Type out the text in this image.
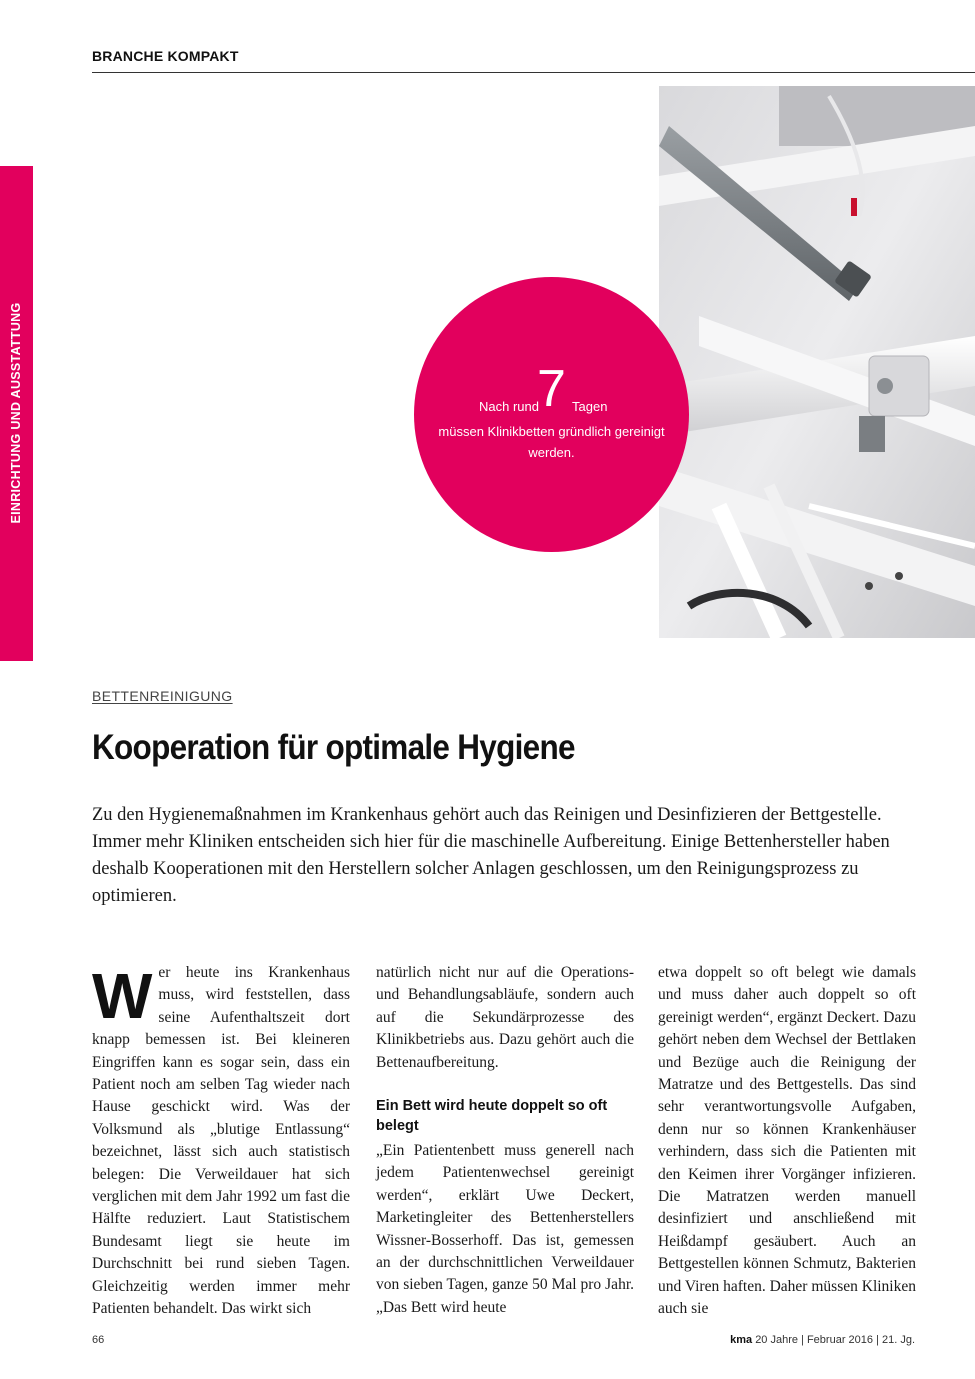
BRANCHE KOMPAKT
EINRICHTUNG UND AUSSTATTUNG	Nach rund
7 Tagen
müssen Klinikbetten gründlich gereinigt werden.
BETTENREINIGUNG
Kooperation für optimale Hygiene

Zu den Hygienemaßnahmen im Krankenhaus gehört auch das Reinigen und Desinfizieren der Bettgestelle. Immer mehr Kliniken entscheiden sich hier für die maschinelle Aufbereitung. Einige Bettenhersteller haben deshalb Kooperationen mit den Herstellern solcher Anlagen geschlossen, um den Reinigungsprozess zu optimieren.

W er heute ins Krankenhaus muss, wird feststellen, dass seine Aufenthaltszeit dort knapp bemessen ist. Bei kleineren Eingriffen kann es sogar sein, dass ein Patient noch am selben Tag wieder nach Hause geschickt wird. Was der Volksmund als „blutige Entlassung“ bezeichnet, lässt sich auch statistisch belegen: Die Verweildauer hat sich verglichen mit dem Jahr 1992 um fast die Hälfte reduziert. Laut Statistischem Bundesamt liegt sie heute im Durchschnitt bei rund sieben Tagen. Gleichzeitig werden immer mehr Patienten behandelt. Das wirkt sich

natürlich nicht nur auf die Operations- und Behandlungsabläufe, sondern auch auf die Sekundärprozesse des Klinikbetriebs aus. Dazu gehört auch die Bettenaufbereitung.

Ein Bett wird heute doppelt so oft belegt

„Ein Patientenbett muss generell nach jedem Patientenwechsel gereinigt werden“, erklärt Uwe Deckert, Marketingleiter des Bettenherstellers Wissner-Bosserhoff. Das ist, gemessen an der durchschnittlichen Verweildauer von sieben Tagen, ganze 50 Mal pro Jahr. „Das Bett wird heute

etwa doppelt so oft belegt wie damals und muss daher auch doppelt so oft gereinigt werden“, ergänzt Deckert. Dazu gehört neben dem Wechsel der Bettlaken und Bezüge auch die Reinigung der Matratze und des Bettgestells. Das sind sehr verantwortungsvolle Aufgaben, denn nur so können Krankenhäuser verhindern, dass sich die Patienten mit den Keimen ihrer Vorgänger infizieren. Die Matratzen werden manuell desinfiziert und anschließend mit Heißdampf gesäubert. Auch an Bettgestellen können Schmutz, Bakterien und Viren haften. Daher müssen Kliniken auch sie

66	kma 20 Jahre | Februar 2016 | 21. Jg.
